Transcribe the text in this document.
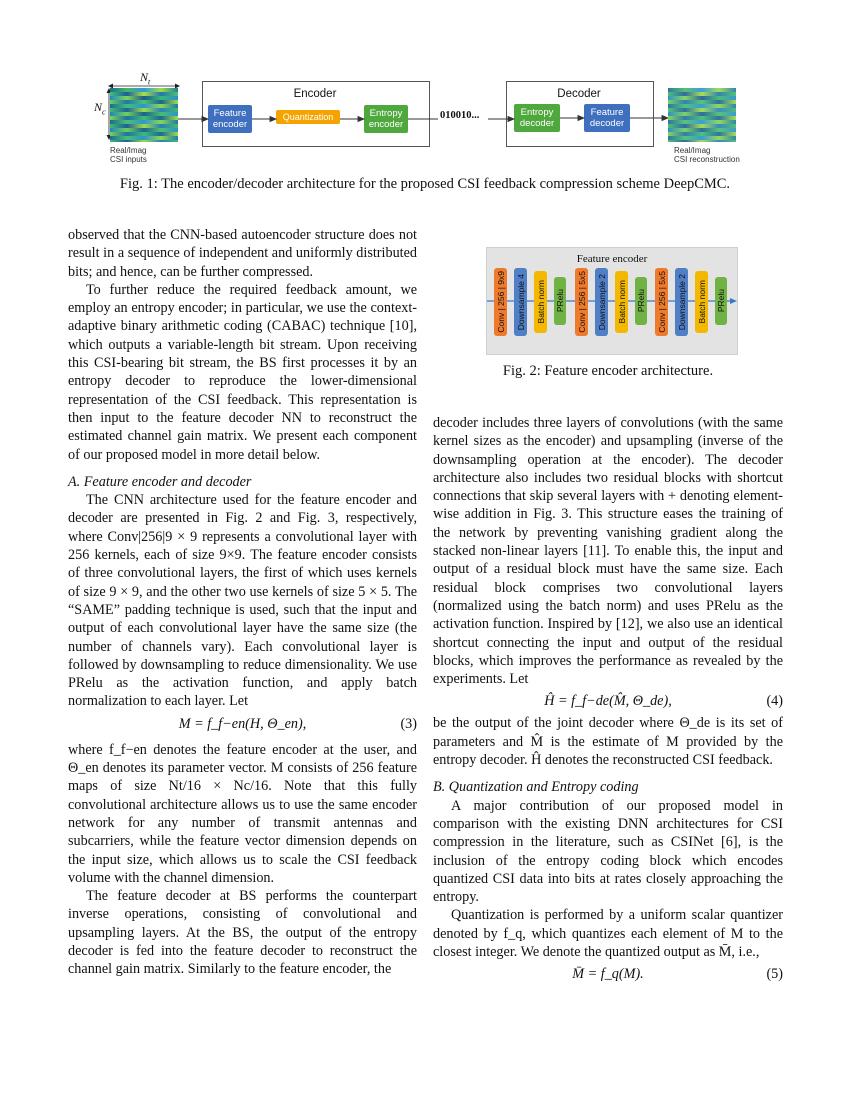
$N_t$
$N_c$
Real/Imag
CSI inputs
Encoder
Feature encoder
Quantization	Entropy encoder
010010...
Decoder
Entropy decoder
Feature decoder
Real/Imag
CSI reconstruction
Fig. 1: The encoder/decoder architecture for the proposed CSI feedback compression scheme DeepCMC.
Feature encoder
Conv | 256 | 9x9 Downsample 4 Batch norm PRelu Conv | 256 | 5x5 Downsample 2 Batch norm PRelu Conv | 256 | 5x5 Downsample 2 Batch norm PRelu
Fig. 2: Feature encoder architecture.

observed that the CNN-based autoencoder structure does not result in a sequence of independent and uniformly distributed bits; and hence, can be further compressed.

To further reduce the required feedback amount, we employ an entropy encoder; in particular, we use the context-adaptive binary arithmetic coding (CABAC) technique [10], which outputs a variable-length bit stream. Upon receiving this CSI-bearing bit stream, the BS first processes it by an entropy decoder to reproduce the lower-dimensional representation of the CSI feedback. This representation is then input to the feature decoder NN to reconstruct the estimated channel gain matrix. We present each component of our proposed model in more detail below.

A. Feature encoder and decoder

The CNN architecture used for the feature encoder and decoder are presented in Fig. 2 and Fig. 3, respectively, where Conv|256|9 × 9 represents a convolutional layer with 256 kernels, each of size 9×9. The feature encoder consists of three convolutional layers, the first of which uses kernels of size 9 × 9, and the other two use kernels of size 5 × 5. The “SAME” padding technique is used, such that the input and output of each convolutional layer have the same size (the number of channels vary). Each convolutional layer is followed by downsampling to reduce dimensionality. We use PRelu as the activation function, and apply batch normalization to each layer. Let

M = f_f−en(H, Θ_en),	(3)

where f_f−en denotes the feature encoder at the user, and Θ_en denotes its parameter vector. M consists of 256 feature maps of size Nt/16 × Nc/16. Note that this fully convolutional architecture allows us to use the same encoder network for any number of transmit antennas and subcarriers, while the feature vector dimension depends on the input size, which allows us to scale the CSI feedback volume with the channel dimension.

The feature decoder at BS performs the counterpart inverse operations, consisting of convolutional and upsampling layers. At the BS, the output of the entropy decoder is fed into the feature decoder to reconstruct the channel gain matrix. Similarly to the feature encoder, the

decoder includes three layers of convolutions (with the same kernel sizes as the encoder) and upsampling (inverse of the downsampling operation at the encoder). The decoder architecture also includes two residual blocks with shortcut connections that skip several layers with + denoting element-wise addition in Fig. 3. This structure eases the training of the network by preventing vanishing gradient along the stacked non-linear layers [11]. To enable this, the input and output of a residual block must have the same size. Each residual block comprises two convolutional layers (normalized using the batch norm) and uses PRelu as the activation function. Inspired by [12], we also use an identical shortcut connecting the input and output of the residual blocks, which improves the performance as revealed by the experiments. Let

Ĥ = f_f−de(M̂, Θ_de),	(4)

be the output of the joint decoder where Θ_de is its set of parameters and M̂ is the estimate of M provided by the entropy decoder. Ĥ denotes the reconstructed CSI feedback.

B. Quantization and Entropy coding

A major contribution of our proposed model in comparison with the existing DNN architectures for CSI compression in the literature, such as CSINet [6], is the inclusion of the entropy coding block which encodes quantized CSI data into bits at rates closely approaching the entropy.

Quantization is performed by a uniform scalar quantizer denoted by f_q, which quantizes each element of M to the closest integer. We denote the quantized output as M̄, i.e.,

M̄ = f_q(M).	(5)
